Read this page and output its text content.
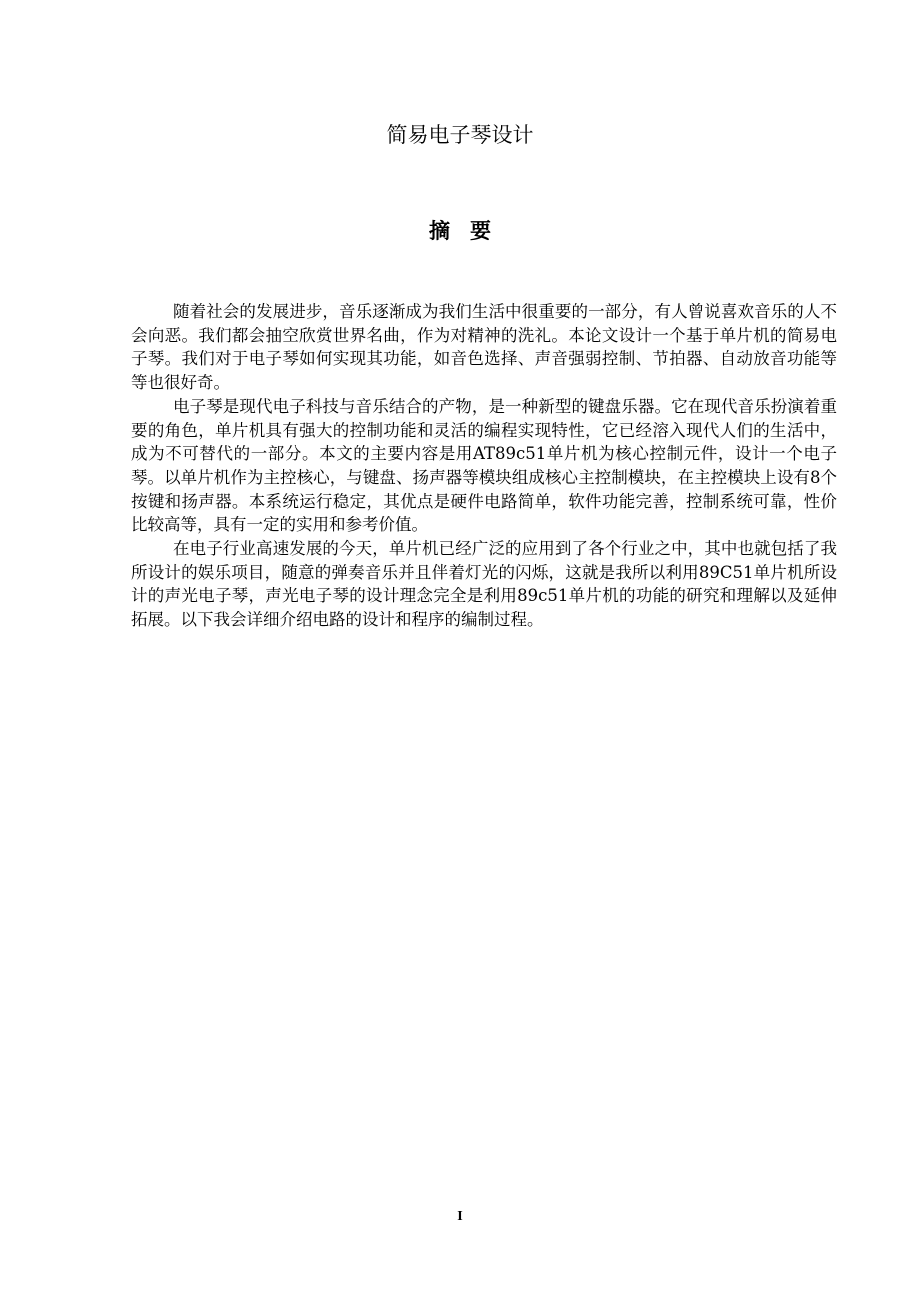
简易电子琴设计
摘要

随着社会的发展进步，音乐逐渐成为我们生活中很重要的一部分，有人曾说喜欢音乐的人不会向恶。我们都会抽空欣赏世界名曲，作为对精神的洗礼。本论文设计一个基于单片机的简易电子琴。我们对于电子琴如何实现其功能，如音色选择、声音强弱控制、节拍器、自动放音功能等等也很好奇。

电子琴是现代电子科技与音乐结合的产物，是一种新型的键盘乐器。它在现代音乐扮演着重要的角色，单片机具有强大的控制功能和灵活的编程实现特性，它已经溶入现代人们的生活中，成为不可替代的一部分。本文的主要内容是用AT89c51单片机为核心控制元件，设计一个电子琴。以单片机作为主控核心，与键盘、扬声器等模块组成核心主控制模块，在主控模块上设有8个按键和扬声器。本系统运行稳定，其优点是硬件电路简单，软件功能完善，控制系统可靠，性价比较高等，具有一定的实用和参考价值。

在电子行业高速发展的今天，单片机已经广泛的应用到了各个行业之中，其中也就包括了我所设计的娱乐项目，随意的弹奏音乐并且伴着灯光的闪烁，这就是我所以利用89C51单片机所设计的声光电子琴，声光电子琴的设计理念完全是利用89c51单片机的功能的研究和理解以及延伸拓展。以下我会详细介绍电路的设计和程序的编制过程。

I
